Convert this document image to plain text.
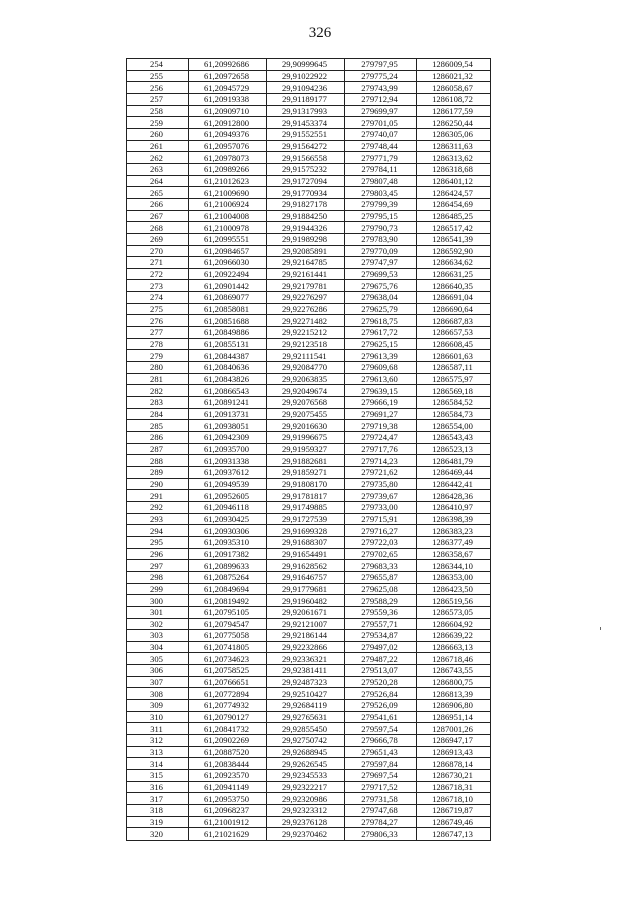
326
254	61,20992686	29,90999645	279797,95	1286009,54
255	61,20972658	29,91022922	279775,24	1286021,32
256	61,20945729	29,91094236	279743,99	1286058,67
257	61,20919338	29,91189177	279712,94	1286108,72
258	61,20909710	29,91317993	279699,97	1286177,59
259	61,20912800	29,91453374	279701,05	1286250,44
260	61,20949376	29,91552551	279740,07	1286305,06
261	61,20957076	29,91564272	279748,44	1286311,63
262	61,20978073	29,91566558	279771,79	1286313,62
263	61,20989266	29,91575232	279784,11	1286318,68
264	61,21012623	29,91727094	279807,48	1286401,12
265	61,21009690	29,91770934	279803,45	1286424,57
266	61,21006924	29,91827178	279799,39	1286454,69
267	61,21004008	29,91884250	279795,15	1286485,25
268	61,21000978	29,91944326	279790,73	1286517,42
269	61,20995551	29,91989298	279783,90	1286541,39
270	61,20984657	29,92085891	279770,09	1286592,90
271	61,20966030	29,92164785	279747,97	1286634,62
272	61,20922494	29,92161441	279699,53	1286631,25
273	61,20901442	29,92179781	279675,76	1286640,35
274	61,20869077	29,92276297	279638,04	1286691,04
275	61,20858081	29,92276286	279625,79	1286690,64
276	61,20851688	29,92271482	279618,75	1286687,83
277	61,20849886	29,92215212	279617,72	1286657,53
278	61,20855131	29,92123518	279625,15	1286608,45
279	61,20844387	29,92111541	279613,39	1286601,63
280	61,20840636	29,92084770	279609,68	1286587,11
281	61,20843826	29,92063835	279613,60	1286575,97
282	61,20866543	29,92049674	279639,15	1286569,18
283	61,20891241	29,92076568	279666,19	1286584,52
284	61,20913731	29,92075455	279691,27	1286584,73
285	61,20938051	29,92016630	279719,38	1286554,00
286	61,20942309	29,91996675	279724,47	1286543,43
287	61,20935700	29,91959327	279717,76	1286523,13
288	61,20931338	29,91882681	279714,23	1286481,79
289	61,20937612	29,91859271	279721,62	1286469,44
290	61,20949539	29,91808170	279735,80	1286442,41
291	61,20952605	29,91781817	279739,67	1286428,36
292	61,20946118	29,91749885	279733,00	1286410,97
293	61,20930425	29,91727539	279715,91	1286398,39
294	61,20930306	29,91699328	279716,27	1286383,23
295	61,20935310	29,91688307	279722,03	1286377,49
296	61,20917382	29,91654491	279702,65	1286358,67
297	61,20899633	29,91628562	279683,33	1286344,10
298	61,20875264	29,91646757	279655,87	1286353,00
299	61,20849694	29,91779681	279625,08	1286423,50
300	61,20819492	29,91960482	279588,29	1286519,56
301	61,20795105	29,92061671	279559,36	1286573,05
302	61,20794547	29,92121007	279557,71	1286604,92
303	61,20775058	29,92186144	279534,87	1286639,22
304	61,20741805	29,92232866	279497,02	1286663,13
305	61,20734623	29,92336321	279487,22	1286718,46
306	61,20758525	29,92381411	279513,07	1286743,55
307	61,20766651	29,92487323	279520,28	1286800,75
308	61,20772894	29,92510427	279526,84	1286813,39
309	61,20774932	29,92684119	279526,09	1286906,80
310	61,20790127	29,92765631	279541,61	1286951,14
311	61,20841732	29,92855450	279597,54	1287001,26
312	61,20902269	29,92750742	279666,78	1286947,17
313	61,20887520	29,92688945	279651,43	1286913,43
314	61,20838444	29,92626545	279597,84	1286878,14
315	61,20923570	29,92345533	279697,54	1286730,21
316	61,20941149	29,92322217	279717,52	1286718,31
317	61,20953750	29,92320986	279731,58	1286718,10
318	61,20968237	29,92323312	279747,68	1286719,87
319	61,21001912	29,92376128	279784,27	1286749,46
320	61,21021629	29,92370462	279806,33	1286747,13
